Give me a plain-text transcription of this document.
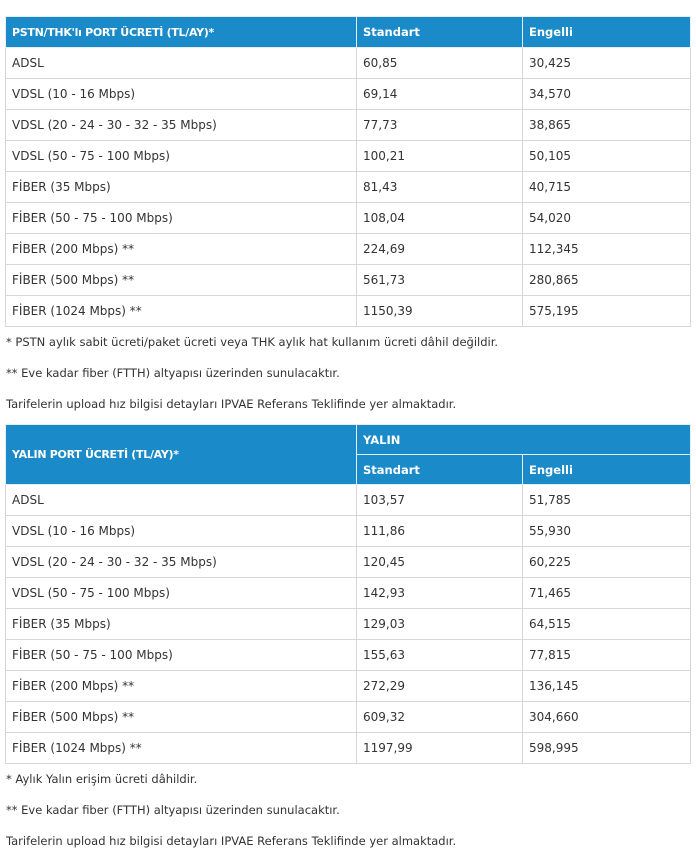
PSTN/THK'lı PORT ÜCRETİ (TL/AY)*	Standart	Engelli
ADSL	60,85	30,425
VDSL (10 - 16 Mbps)	69,14	34,570
VDSL (20 - 24 - 30 - 32 - 35 Mbps)	77,73	38,865
VDSL (50 - 75 - 100 Mbps)	100,21	50,105
FİBER (35 Mbps)	81,43	40,715
FİBER (50 - 75 - 100 Mbps)	108,04	54,020
FİBER (200 Mbps) **	224,69	112,345
FİBER (500 Mbps) **	561,73	280,865
FİBER (1024 Mbps) **	1150,39	575,195

* PSTN aylık sabit ücreti/paket ücreti veya THK aylık hat kullanım ücreti dâhil değildir.

** Eve kadar fiber (FTTH) altyapısı üzerinden sunulacaktır.

Tarifelerin upload hız bilgisi detayları IPVAE Referans Teklifinde yer almaktadır.

YALIN PORT ÜCRETİ (TL/AY)*	YALIN	
	Standart	Engelli
ADSL	103,57	51,785
VDSL (10 - 16 Mbps)	111,86	55,930
VDSL (20 - 24 - 30 - 32 - 35 Mbps)	120,45	60,225
VDSL (50 - 75 - 100 Mbps)	142,93	71,465
FİBER (35 Mbps)	129,03	64,515
FİBER (50 - 75 - 100 Mbps)	155,63	77,815
FİBER (200 Mbps) **	272,29	136,145
FİBER (500 Mbps) **	609,32	304,660
FİBER (1024 Mbps) **	1197,99	598,995

* Aylık Yalın erişim ücreti dâhildir.

** Eve kadar fiber (FTTH) altyapısı üzerinden sunulacaktır.

Tarifelerin upload hız bilgisi detayları IPVAE Referans Teklifinde yer almaktadır.
